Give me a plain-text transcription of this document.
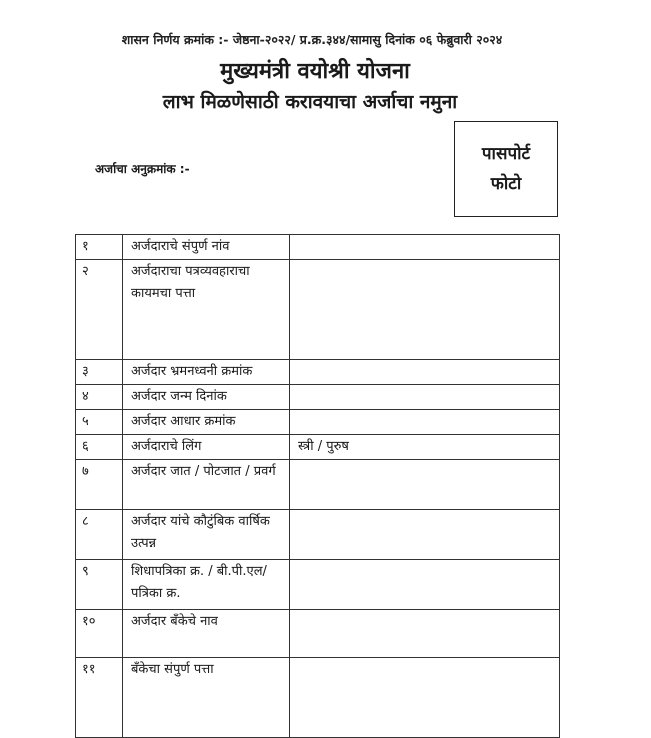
शासन निर्णय क्रमांक :- जेष्ठना-२०२२/ प्र.क्र.३४४/सामासु दिनांक ०६ फेब्रुवारी २०२४
मुख्यमंत्री वयोश्री योजना
लाभ मिळणेसाठी करावयाचा अर्जाचा नमुना
पासपोर्ट
फोटो
अर्जाचा अनुक्रमांक :-
१	अर्जदाराचे संपुर्ण नांव	
२	अर्जदाराचा पत्रव्यवहाराचा कायमचा पत्ता	
३	अर्जदार भ्रमनध्वनी क्रमांक	
४	अर्जदार जन्म दिनांक	
५	अर्जदार आधार क्रमांक	
६	अर्जदाराचे लिंग	स्त्री / पुरुष
७	अर्जदार जात / पोटजात / प्रवर्ग	
८	अर्जदार यांचे कौटुंबिक वार्षिक उत्पन्न	
९	शिधापत्रिका क्र. / बी.पी.एल/ पत्रिका क्र.	
१०	अर्जदार बँकेचे नाव	
११	बँकेचा संपुर्ण पत्ता	
